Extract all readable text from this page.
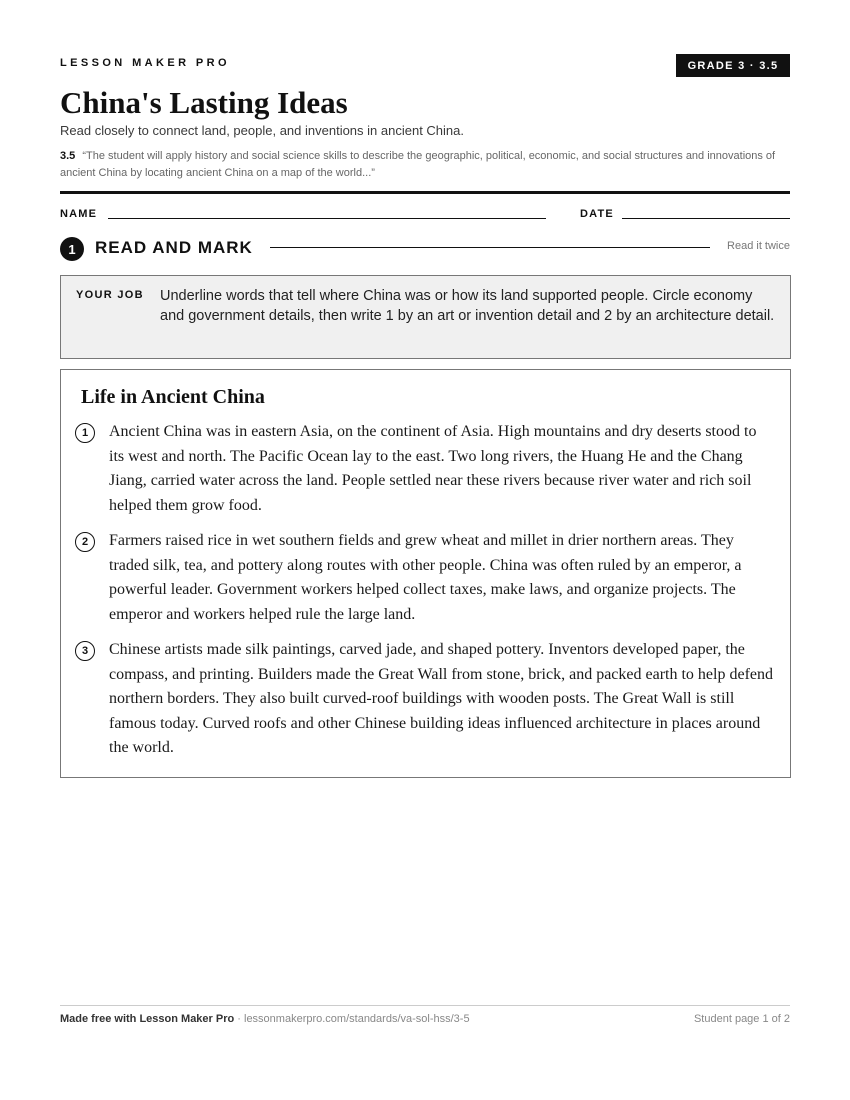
LESSON MAKER PRO	GRADE 3 · 3.5
China's Lasting Ideas
Read closely to connect land, people, and inventions in ancient China.
3.5 “The student will apply history and social science skills to describe the geographic, political, economic, and social structures and innovations of ancient China by locating ancient China on a map of the world...”
NAME	DATE
1	READ AND MARK	Read it twice
YOUR JOB Underline words that tell where China was or how its land supported people. Circle economy and government details, then write 1 by an art or invention detail and 2 by an architecture detail.
Life in Ancient China
1	Ancient China was in eastern Asia, on the continent of Asia. High mountains and dry deserts stood to its west and north. The Pacific Ocean lay to the east. Two long rivers, the Huang He and the Chang Jiang, carried water across the land. People settled near these rivers because river water and rich soil helped them grow food.
2	Farmers raised rice in wet southern fields and grew wheat and millet in drier northern areas. They traded silk, tea, and pottery along routes with other people. China was often ruled by an emperor, a powerful leader. Government workers helped collect taxes, make laws, and organize projects. The emperor and workers helped rule the large land.
3	Chinese artists made silk paintings, carved jade, and shaped pottery. Inventors developed paper, the compass, and printing. Builders made the Great Wall from stone, brick, and packed earth to help defend northern borders. They also built curved-roof buildings with wooden posts. The Great Wall is still famous today. Curved roofs and other Chinese building ideas influenced architecture in places around the world.
Made free with Lesson Maker Pro · lessonmakerpro.com/standards/va-sol-hss/3-5	Student page 1 of 2
